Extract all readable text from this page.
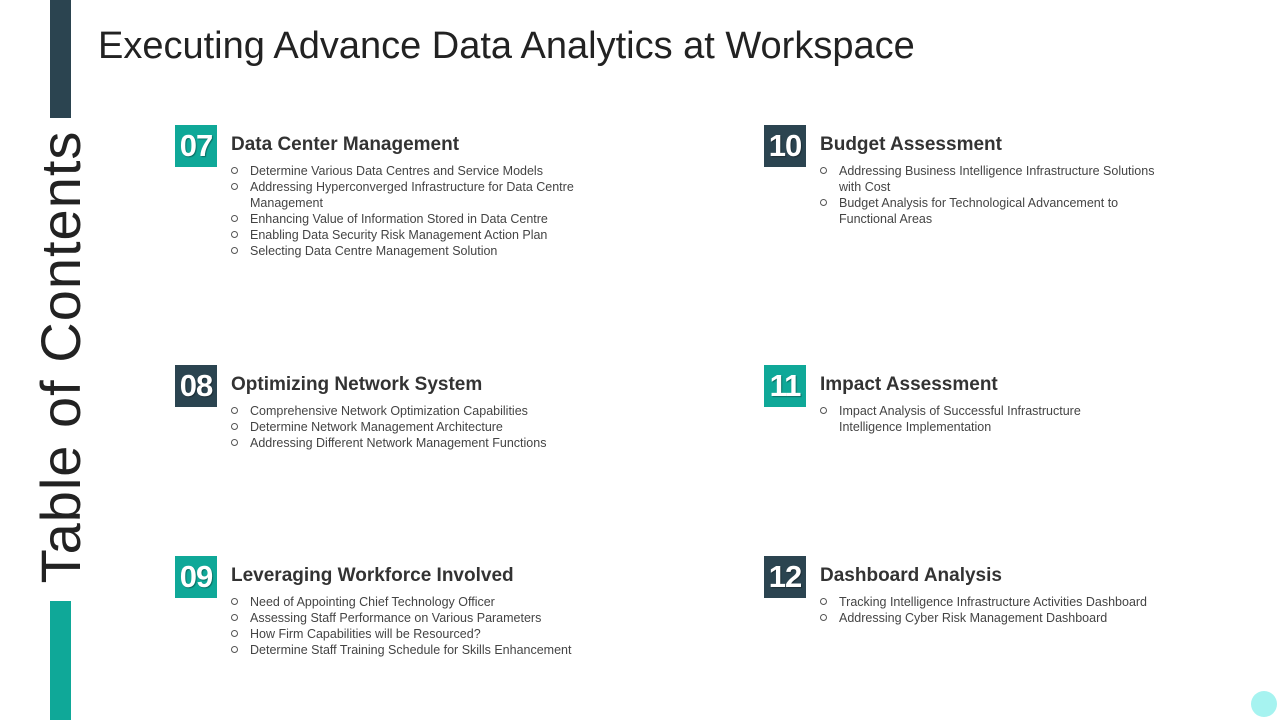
Table of Contents
Executing Advance Data Analytics at Workspace
07 Data Center Management
Determine Various Data Centres and Service Models
Addressing Hyperconverged Infrastructure for Data Centre Management
Enhancing Value of Information Stored in Data Centre
Enabling Data Security Risk Management Action Plan
Selecting Data Centre Management Solution
08 Optimizing Network System
Comprehensive Network Optimization Capabilities
Determine Network Management Architecture
Addressing Different Network Management Functions
09 Leveraging Workforce Involved
Need of Appointing Chief Technology Officer
Assessing Staff Performance on Various Parameters
How Firm Capabilities will be Resourced?
Determine Staff Training Schedule for Skills Enhancement
10 Budget Assessment
Addressing Business Intelligence Infrastructure Solutions with Cost
Budget Analysis for Technological Advancement to Functional Areas
11 Impact Assessment
Impact Analysis of Successful Infrastructure Intelligence Implementation
12 Dashboard Analysis
Tracking Intelligence Infrastructure Activities Dashboard
Addressing Cyber Risk Management Dashboard
